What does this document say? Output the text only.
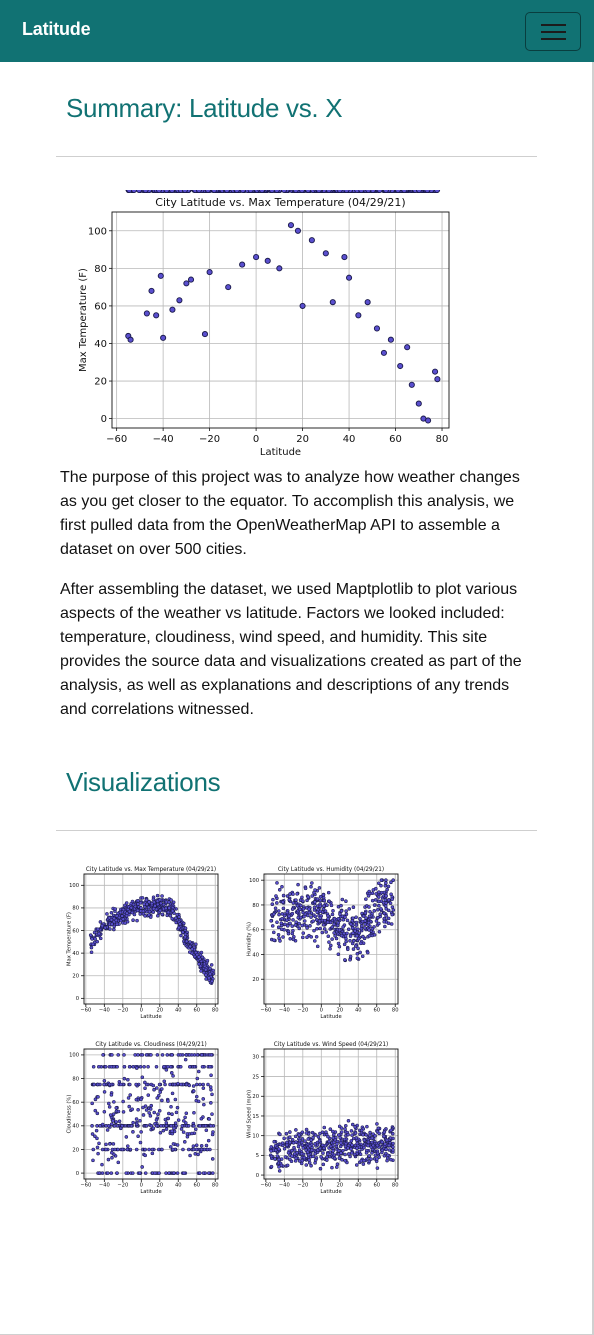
Latitude
Summary: Latitude vs. X
City Latitude vs. Max Temperature (04/29/21)
−60	−40	−20	0	20	40	60	80
0
20
40
60
80
100
Latitude
Max Temperature (F)

The purpose of this project was to analyze how weather changes as you get closer to the equator. To accomplish this analysis, we first pulled data from the OpenWeatherMap API to assemble a dataset on over 500 cities.

After assembling the dataset, we used Maptplotlib to plot various aspects of the weather vs latitude. Factors we looked included: temperature, cloudiness, wind speed, and humidity. This site provides the source data and visualizations created as part of the analysis, as well as explanations and descriptions of any trends and correlations witnessed.

Visualizations
City Latitude vs. Max Temperature (04/29/21)
−60 −40 −20 0	20 40 60 80
0
20
40
60
80
100
Latitude
Max Temperature (F)
City Latitude vs. Humidity (04/29/21)
−60 −40 −20 0	20 40 60 80
20
40
60
80
100
Latitude
Humidity (%)
City Latitude vs. Cloudiness (04/29/21)
−60 −40 −20 0	20 40 60 80
0
20
40
60
80
100
Latitude
Cloudiness (%)
City Latitude vs. Wind Speed (04/29/21)
−60 −40 −20 0	20 40 60 80
0
5
10
15
20
25
30
Latitude
Wind Speed (mph)
